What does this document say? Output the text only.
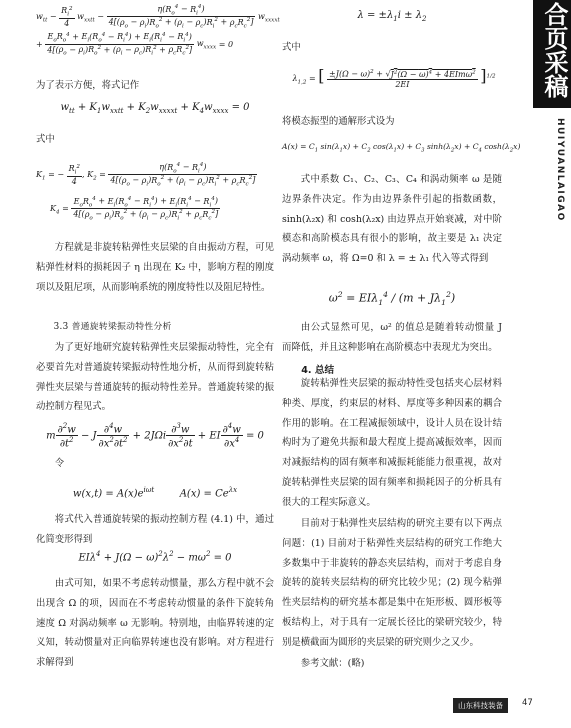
合页采稿
HUIYUANLAIGAO
$w_{tt} - \frac{R_i^2}{4} w_{xxtt} - \frac{\eta(R_o^4 - R_i^4)}{4[(\rho_o - \rho_i)R_o^2 + (\rho_i - \rho_c)R_i^2 + \rho_cR_c^2]} w_{xxxxt}$
+ $\frac{E_oR_o^4 + E_i(R_o^4 - R_i^4) + E_i(R_i^4 - R_i^4)}{4[(\rho_o - \rho_i)R_o^2 + (\rho_i - \rho_c)R_i^2 + \rho_cR_c^2]} w_{xxxx} = 0$

为了表示方便，将式记作

$w_{tt} + K_1w_{xxtt} + K_2w_{xxxxt} + K_4w_{xxxx} = 0$

式中

$K_1$ = − $\frac{R_i^2}{4}$ , $K_2 = \frac{\eta(R_o^4 - R_i^4)}{4[(\rho_o - \rho_i)R_o^2 + (\rho_i - \rho_c)R_i^2 + \rho_cR_c^2]}$
$K_4 = \frac{E_oR_o^4 + E_i(R_o^4 - R_i^4) + E_i(R_i^4 - R_i^4)}{4[(\rho_o - \rho_i)R_o^2 + (\rho_i - \rho_c)R_i^2 + \rho_cR_c^2]}$

方程就是非旋转粘弹性夹层梁的自由振动方程，可见粘弹性材料的损耗因子 η 出现在 K₂ 中，影响方程的刚度项以及阻尼项，从而影响系统的刚度特性以及阻尼特性。

3.3 普通旋转梁振动特性分析

为了更好地研究旋转粘弹性夹层梁振动特性，完全有必要首先对普通旋转梁振动特性地分析，从而得到旋转粘弹性夹层梁与普通旋转的振动特性差异。普通旋转梁的振动控制方程见式。

m $\frac{\partial^2w}{\partial t^2} - J \frac{\partial^4w}{\partial x^2\partial t^2} + 2J\Omega i \frac{\partial^3w}{\partial x^2\partial t}$ + EI $\frac{\partial^4w}{\partial x^4} = 0$

令

$w(x,t) = A(x)e^{i\omega t}$	$A(x) = Ce^{\lambda x}$

将式代入普通旋转梁的振动控制方程 (4.1) 中，通过化简变形得到

$EI\lambda^4 + J(\Omega - \omega)^2\lambda^2 - m\omega^2 = 0$

由式可知，如果不考虑转动惯量，那么方程中就不会出现含 Ω 的项，因而在不考虑转动惯量的条件下旋转角速度 Ω 对涡动频率 ω 无影响。特别地，由临界转速的定义知，转动惯量对正向临界转速也没有影响。对方程进行求解得到

$\lambda = \pm\lambda_1i \pm \lambda_2$

式中

$\lambda_{1,2}$ = [ $\frac{\pm J(\Omega - \omega)^2 + √J^2(\Omega - \omega)^4 + 4EIm\omega^2}{2EI} ]^{1/2}$

将模态振型的通解形式设为

$A(x) = C_1$ $\sin(\lambda_1x) + C_2$ $\cos(\lambda_1x) + C_3$ $\sinh(\lambda_2x) + C_4$ $\cosh(\lambda_2x)$

式中系数 C₁、C₂、C₃、C₄ 和涡动频率 ω 是随边界条件决定。作为由边界条件引起的指数函数，sinh(λ₂x) 和 cosh(λ₂x) 由边界点开始衰减，对中阶模态和高阶模态具有很小的影响，故主要是 λ₁ 决定涡动频率 ω，将 Ω=0 和 λ = ± λ₁ 代入等式得到

$\omega^2 = EI\lambda_1^4 / (m + J\lambda_1^2)$

由公式显然可见，ω² 的值总是随着转动惯量 J 而降低，并且这种影响在高阶模态中表现尤为突出。

4. 总结

旋转粘弹性夹层梁的振动特性受包括夹心层材料种类、厚度，约束层的材料、厚度等多种因素的耦合作用的影响。在工程减振领域中，设计人员在设计结构时为了避免共振和最大程度上提高减振效率，因而对减振结构的固有频率和减振耗能能力很重视，故对旋转粘弹性夹层梁的固有频率和损耗因子的分析具有很大的工程实际意义。

目前对于粘弹性夹层结构的研究主要有以下两点问题：(1) 目前对于粘弹性夹层结构的研究工作绝大多数集中于非旋转的静态夹层结构，而对于考虑自身旋转的旋转夹层结构的研究比较少见；(2) 现今粘弹性夹层结构的研究基本都是集中在矩形板、圆形板等板结构上，对于具有一定展长径比的梁研究较少，特别是横截面为圆形的夹层梁的研究则少之又少。

参考文献：(略)

山东科技装备	47
